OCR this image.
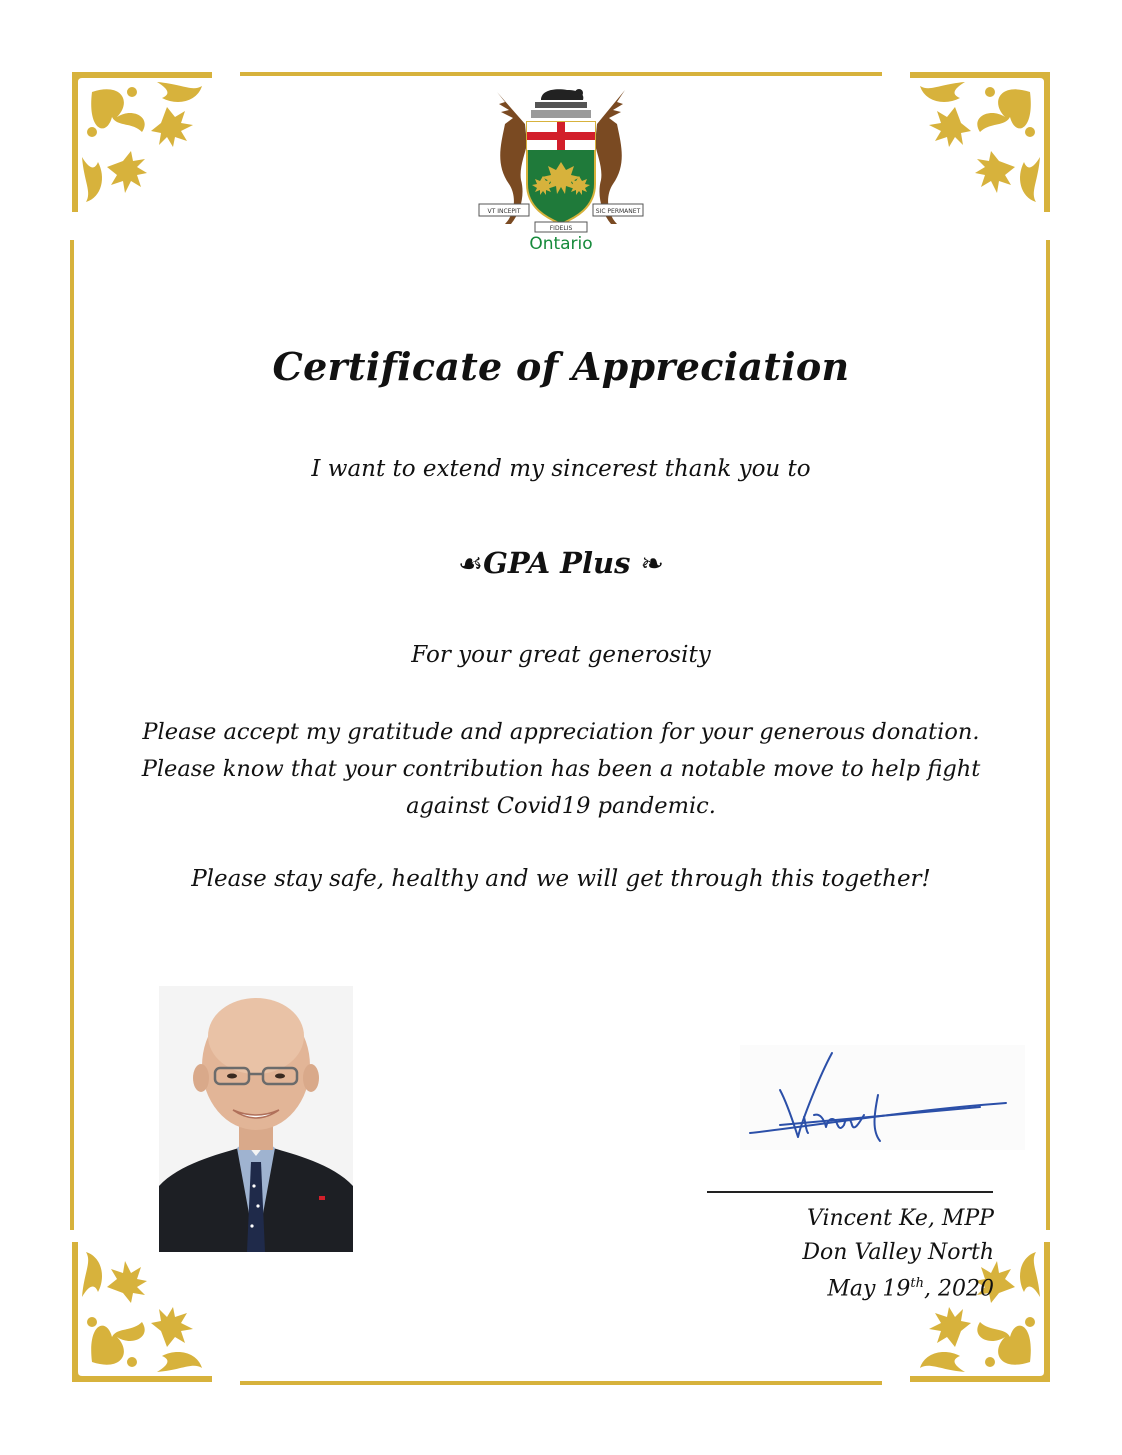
VT INCEPIT	SIC PERMANET
FIDELIS
Ontario
Certificate of Appreciation
I want to extend my sincerest thank you to
☙GPA Plus ❧
For your great generosity
Please accept my gratitude and appreciation for your generous donation.
Please know that your contribution has been a notable move to help fight
against Covid19 pandemic.
Please stay safe, healthy and we will get through this together!
Vincent Ke, MPP
Don Valley North
May 19th, 2020
